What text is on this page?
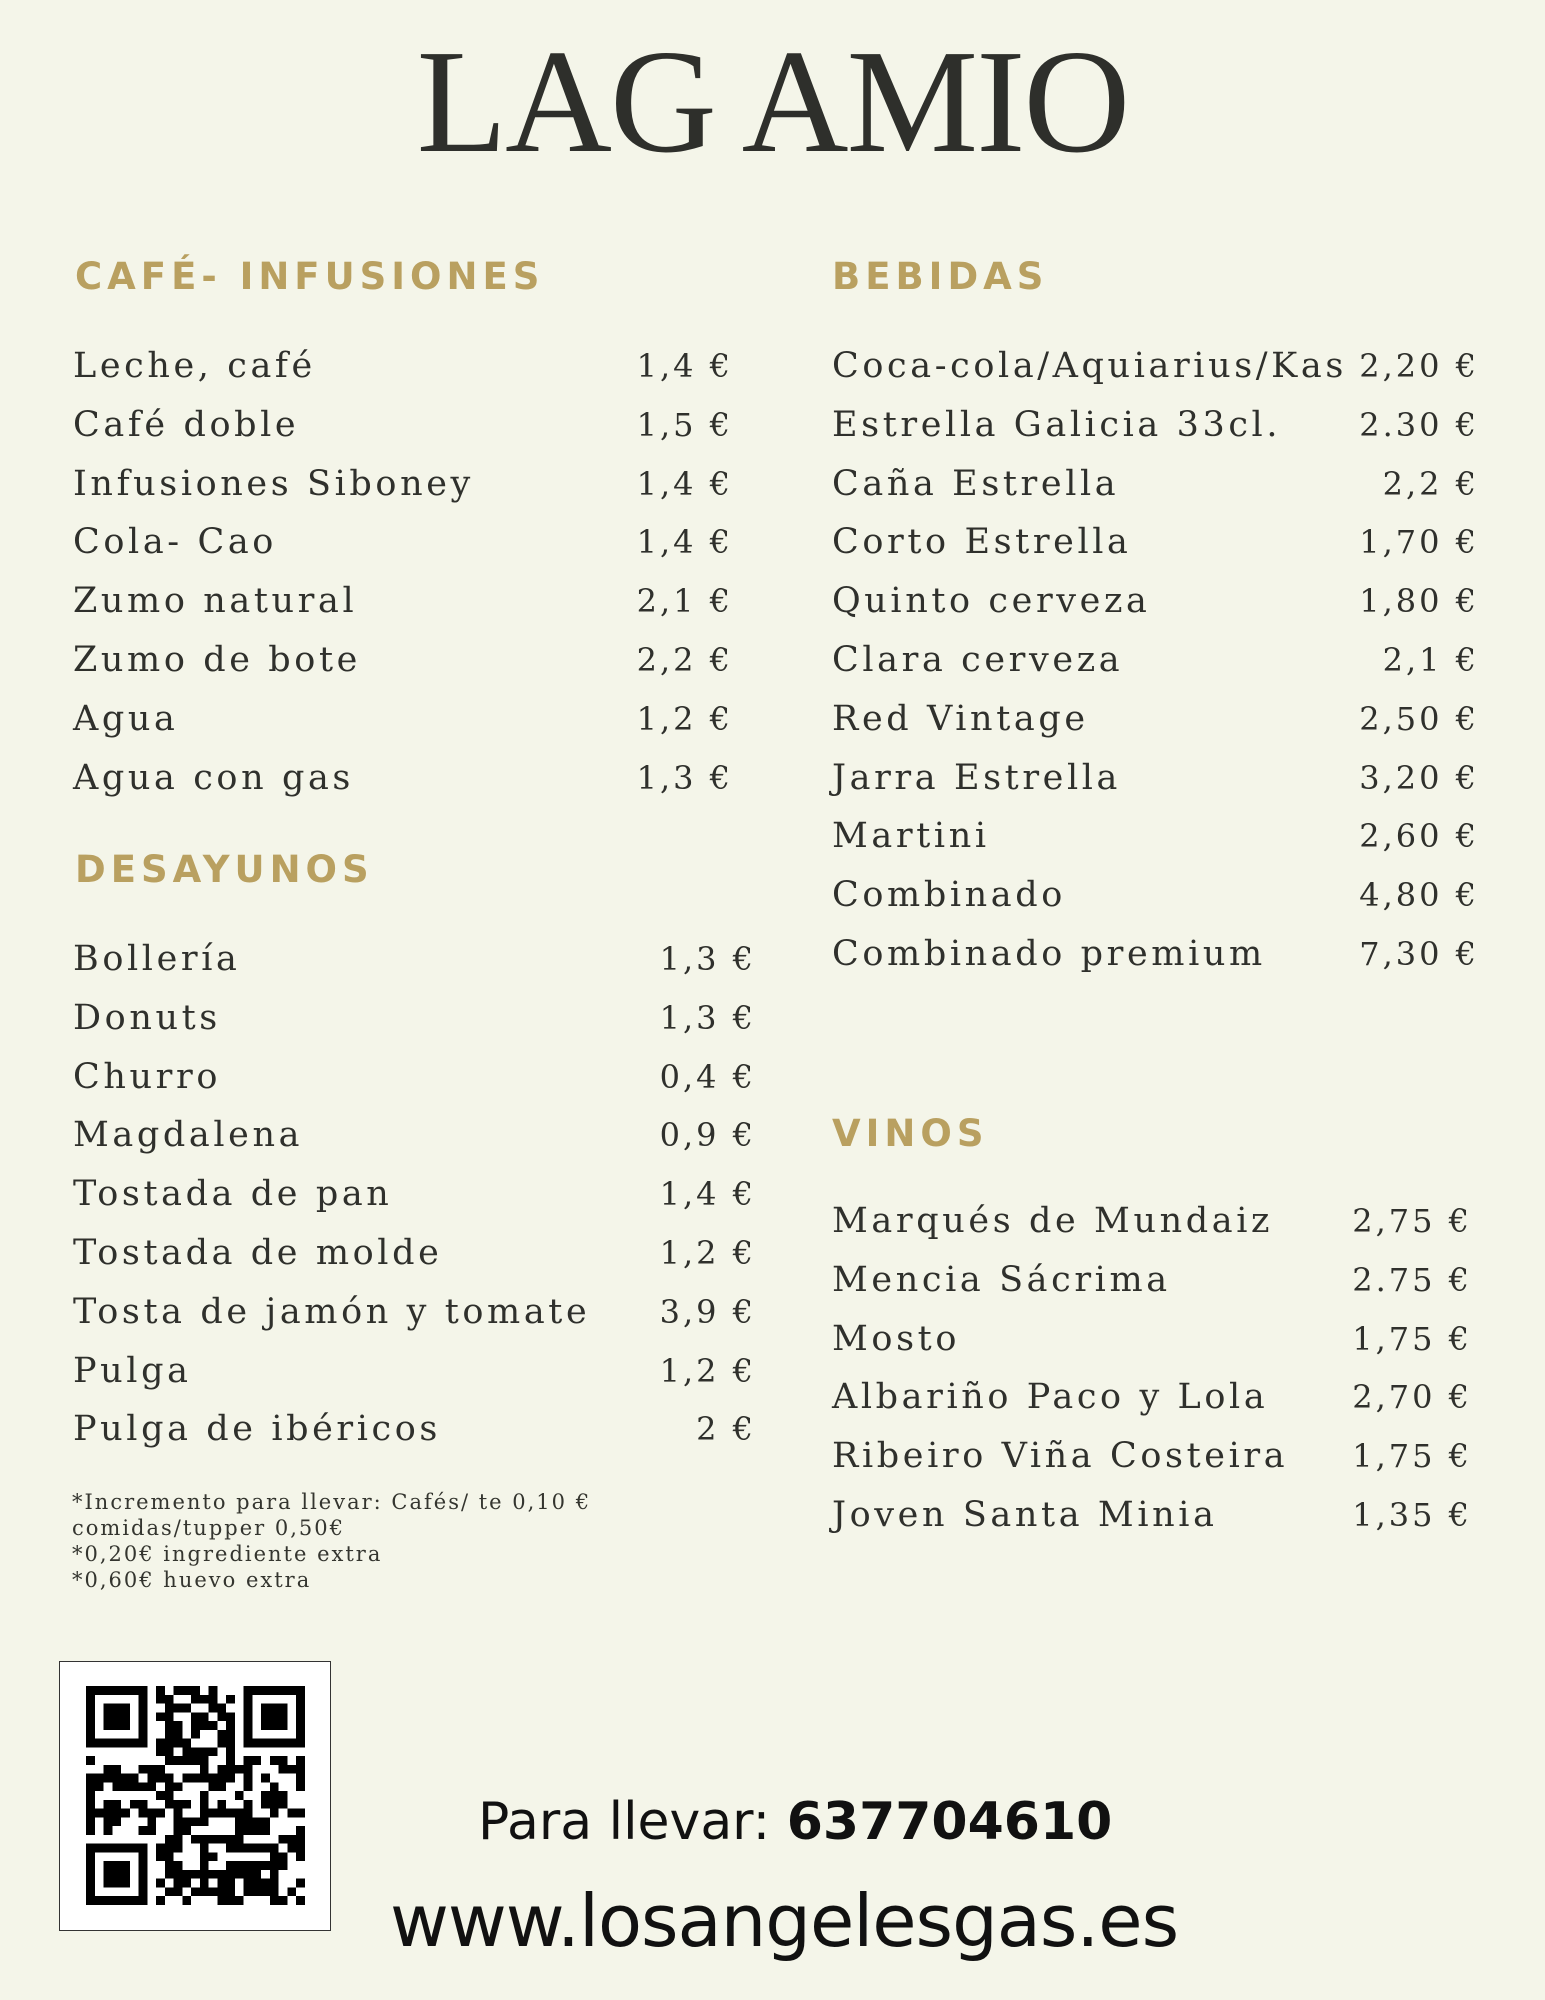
LAG AMIO
CAFÉ- INFUSIONES
Leche, café	1,4 €
Café doble	1,5 €
Infusiones Siboney	1,4 €
Cola- Cao	1,4 €
Zumo natural	2,1 €
Zumo de bote	2,2 €
Agua	1,2 €
Agua con gas	1,3 €
DESAYUNOS
Bollería	1,3 €
Donuts	1,3 €
Churro	0,4 €
Magdalena	0,9 €
Tostada de pan	1,4 €
Tostada de molde	1,2 €
Tosta de jamón y tomate 3,9 €
Pulga	1,2 €
Pulga de ibéricos	2 €
BEBIDAS
Coca-cola/Aquiarius/Kas 2,20 €
Estrella Galicia 33cl. 2.30 €
Caña Estrella	2,2 €
Corto Estrella	1,70 €
Quinto cerveza	1,80 €
Clara cerveza	2,1 €
Red Vintage	2,50 €
Jarra Estrella	3,20 €
Martini	2,60 €
Combinado	4,80 €
Combinado premium	7,30 €
VINOS
Marqués de Mundaiz 2,75 €
Mencia Sácrima	2.75 €
Mosto	1,75 €
Albariño Paco y Lola	2,70 €
Ribeiro Viña Costeira 1,75 €
Joven Santa Minia	1,35 €
*Incremento para llevar: Cafés/ te 0,10 €
comidas/tupper 0,50€
*0,20€ ingrediente extra
*0,60€ huevo extra
Para llevar: 637704610
www.losangelesgas.es
